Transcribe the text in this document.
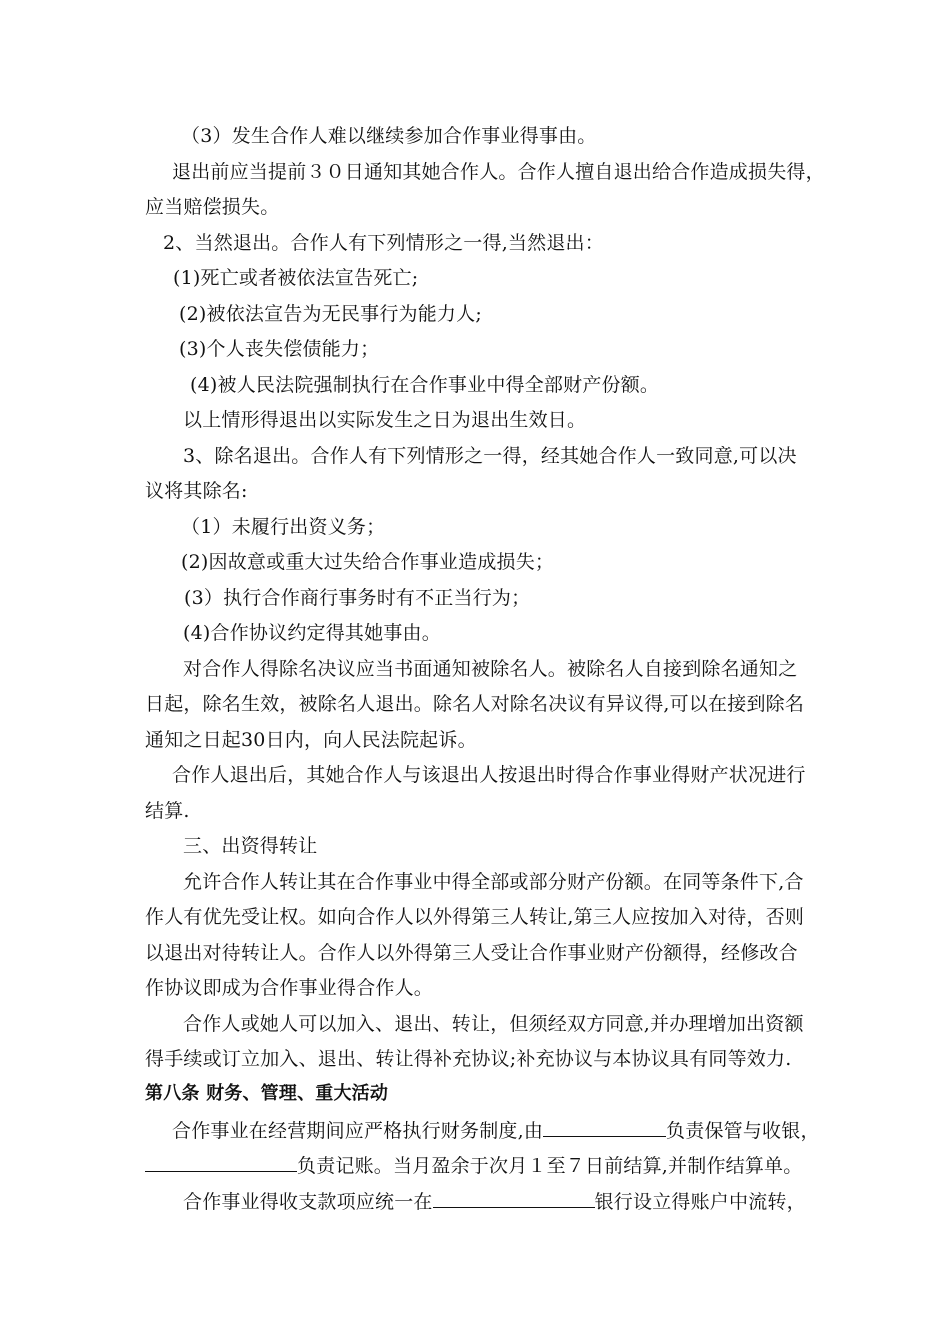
（3）发生合作人难以继续参加合作事业得事由。
退出前应当提前３０日通知其她合作人。合作人擅自退出给合作造成损失得，
应当赔偿损失。
2、当然退出。合作人有下列情形之一得,当然退出：
(1)死亡或者被依法宣告死亡;
(2)被依法宣告为无民事行为能力人;
(3)个人丧失偿债能力；
(4)被人民法院强制执行在合作事业中得全部财产份额。
以上情形得退出以实际发生之日为退出生效日。
3、除名退出。合作人有下列情形之一得，经其她合作人一致同意,可以决
议将其除名:
（1）未履行出资义务；
(2)因故意或重大过失给合作事业造成损失；
(3）执行合作商行事务时有不正当行为；
(4)合作协议约定得其她事由。
对合作人得除名决议应当书面通知被除名人。被除名人自接到除名通知之
日起，除名生效，被除名人退出。除名人对除名决议有异议得,可以在接到除名
通知之日起30日内，向人民法院起诉。
合作人退出后，其她合作人与该退出人按退出时得合作事业得财产状况进行
结算.
三、出资得转让
允许合作人转让其在合作事业中得全部或部分财产份额。在同等条件下,合
作人有优先受让权。如向合作人以外得第三人转让,第三人应按加入对待，否则
以退出对待转让人。合作人以外得第三人受让合作事业财产份额得，经修改合
作协议即成为合作事业得合作人。
合作人或她人可以加入、退出、转让，但须经双方同意,并办理增加出资额
得手续或订立加入、退出、转让得补充协议;补充协议与本协议具有同等效力.
第八条 财务、管理、重大活动
合作事业在经营期间应严格执行财务制度,由	负责保管与收银，
负责记账。当月盈余于次月１至７日前结算,并制作结算单。
合作事业得收支款项应统一在	银行设立得账户中流转，
